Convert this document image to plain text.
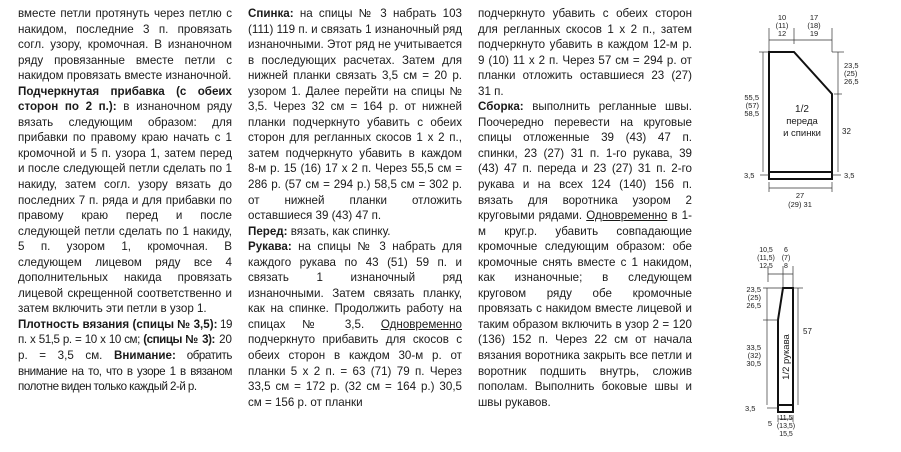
вместе петли протянуть через петлю с накидом, последние 3 п. провязать согл. узору, кромочная. В изнаночном ряду провязанные вместе петли с накидом провязать вместе изнаночной.

Подчеркнутая прибавка (с обеих сторон по 2 п.): в изнаночном ряду вязать следующим образом: для прибавки по правому краю начать с 1 кромочной и 5 п. узора 1, затем перед и после следующей петли сделать по 1 накиду, затем согл. узору вязать до последних 7 п. ряда и для прибавки по правому краю перед и после следующей петли сделать по 1 накиду, 5 п. узором 1, кромочная. В следующем лицевом ряду все 4 дополнительных накида провязать лицевой скрещенной соответственно и затем включить эти петли в узор 1.

Плотность вязания (спицы № 3,5): 19 п. х 51,5 р. = 10 х 10 см; (спицы № 3): 20 р. = 3,5 см. Внимание: обратить внимание на то, что в узоре 1 в вязаном полотне виден только каждый 2-й р.

Спинка: на спицы № 3 набрать 103 (111) 119 п. и связать 1 изнаночный ряд изнаночными. Этот ряд не учитывается в последующих расчетах. Затем для нижней планки связать 3,5 см = 20 р. узором 1. Далее перейти на спицы № 3,5. Через 32 см = 164 р. от нижней планки подчеркнуто убавить с обеих сторон для регланных скосов 1 х 2 п., затем подчеркнуто убавить в каждом 8-м р. 15 (16) 17 х 2 п. Через 55,5 см = 286 р. (57 см = 294 р.) 58,5 см = 302 р. от нижней планки отложить оставшиеся 39 (43) 47 п.

Перед: вязать, как спинку.

Рукава: на спицы № 3 набрать для каждого рукава по 43 (51) 59 п. и связать 1 изнаночный ряд изнаночными. Затем связать планку, как на спинке. Продолжить работу на спицах № 3,5. Одновременно подчеркнуто прибавить для скосов с обеих сторон в каждом 30-м р. от планки 5 х 2 п. = 63 (71) 79 п. Через 33,5 см = 172 р. (32 см = 164 р.) 30,5 см = 156 р. от планки

подчеркнуто убавить с обеих сторон для регланных скосов 1 х 2 п., затем подчеркнуто убавить в каждом 12-м р. 9 (10) 11 х 2 п. Через 57 см = 294 р. от планки отложить оставшиеся 23 (27) 31 п.

Сборка: выполнить регланные швы. Поочередно перевести на круговые спицы отложенные 39 (43) 47 п. спинки, 23 (27) 31 п. 1-го рукава, 39 (43) 47 п. переда и 23 (27) 31 п. 2-го рукава и на всех 124 (140) 156 п. вязать для воротника узором 2 круговыми рядами. Одновременно в 1-м круг.р. убавить совпадающие кромочные следующим образом: обе кромочные снять вместе с 1 накидом, как изнаночные; в следующем круговом ряду обе кромочные провязать с накидом вместе лицевой и таким образом включить в узор 2 = 120 (136) 152 п. Через 22 см от начала вязания воротника закрыть все петли и воротник подшить внутрь, сложив пополам. Выполнить боковые швы и швы рукавов.

10
(11)
12
17
(18)
19
23,5
(25)
26,5
32
55,5
(57)
58,5	1/2
переда
и спинки
3,5	3,5
27
(29) 31
10,5
(11,5)
12,5
6
(7)
8
23,5
(25)
26,5
33,5
(32)
30,5
57
1/2 рукава
3,5
5
11,5
(13,5)
15,5
